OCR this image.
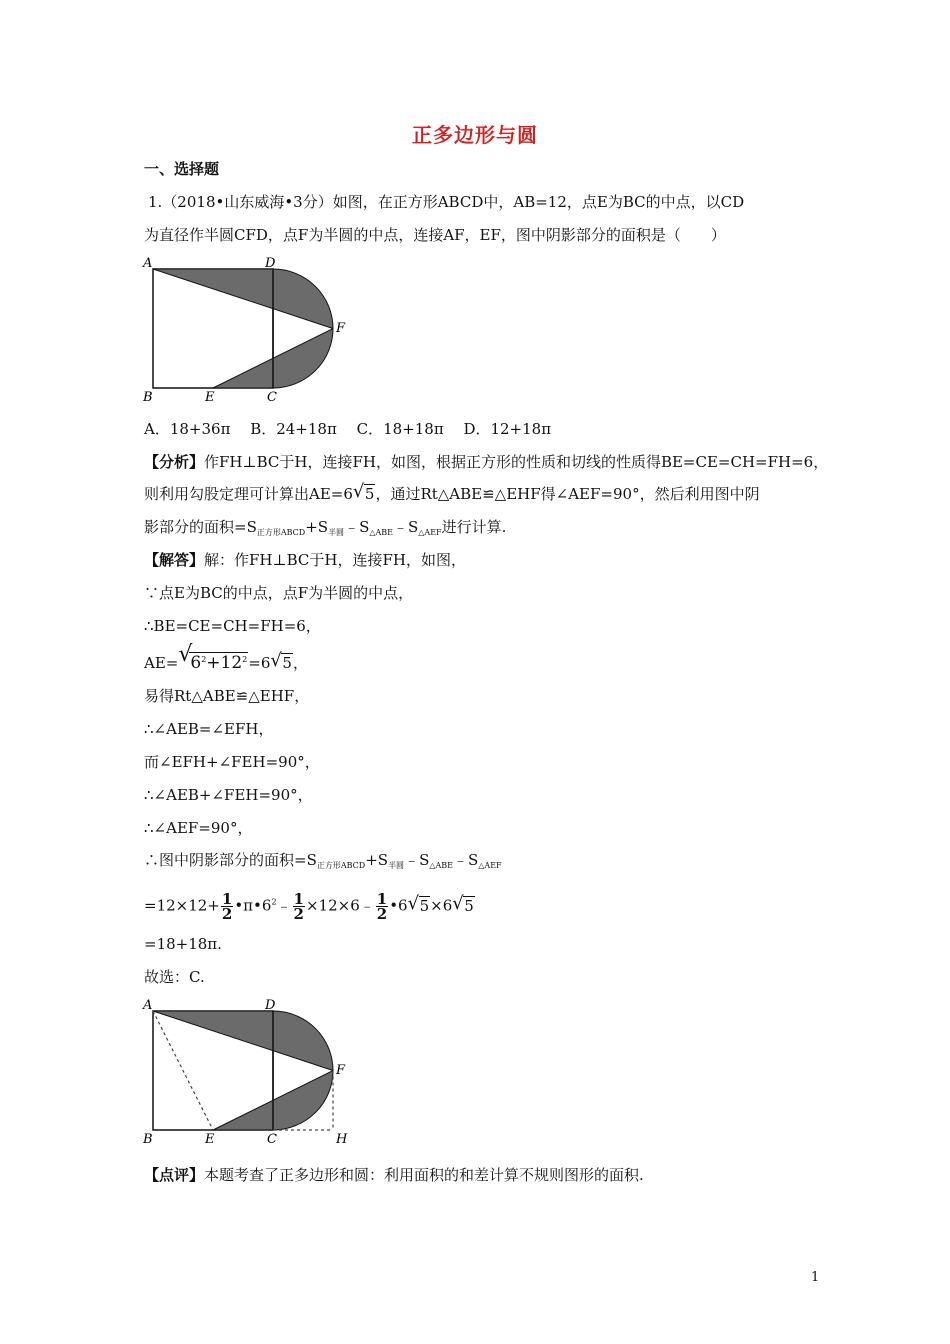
正多边形与圆
一、选择题
1.（2018•山东威海•3分）如图，在正方形ABCD中，AB=12，点E为BC的中点，以CD
为直径作半圆CFD，点F为半圆的中点，连接AF，EF，图中阴影部分的面积是（　　）
A	D
F
B	E	C
A．18+36π　 B．24+18π　 C．18+18π　 D．12+18π
【分析】作FH⊥BC于H，连接FH，如图，根据正方形的性质和切线的性质得BE=CE=CH=FH=6，
则利用勾股定理可计算出AE=6 √ 5，通过Rt△ABE≌△EHF得∠AEF=90°，然后利用图中阴
影部分的面积$=S_{正方形ABCD}+S_{半圆}﹣S_{\triangle ABE}﹣S_{\triangle AEF}$进行计算.
【解答】解：作FH⊥BC于H，连接FH，如图，
∵点E为BC的中点，点F为半圆的中点，
∴BE=CE=CH=FH=6，
AE= √
$6^2+12^2=6$ √ 5，
易得Rt△ABE≌△EHF，
∴∠AEB=∠EFH，
而∠EFH+∠FEH=90°，
∴∠AEB+∠FEH=90°，
∴∠AEF=90°，
∴图中阴影部分的面积$=S_{正方形ABCD}+S_{半圆}﹣S_{\triangle ABE}﹣S_{\triangle AEF}$
$=12\times 12+ \frac{1}{2}$ $•\pi•6^2﹣ \frac{1}{2}$ ×12×6﹣ $\frac{1}{2}$ •6 √ 5×6 √ 5
=18+18π.
故选：C.
A	D
F
B	E	C	H
【点评】本题考查了正多边形和圆：利用面积的和差计算不规则图形的面积.
1
